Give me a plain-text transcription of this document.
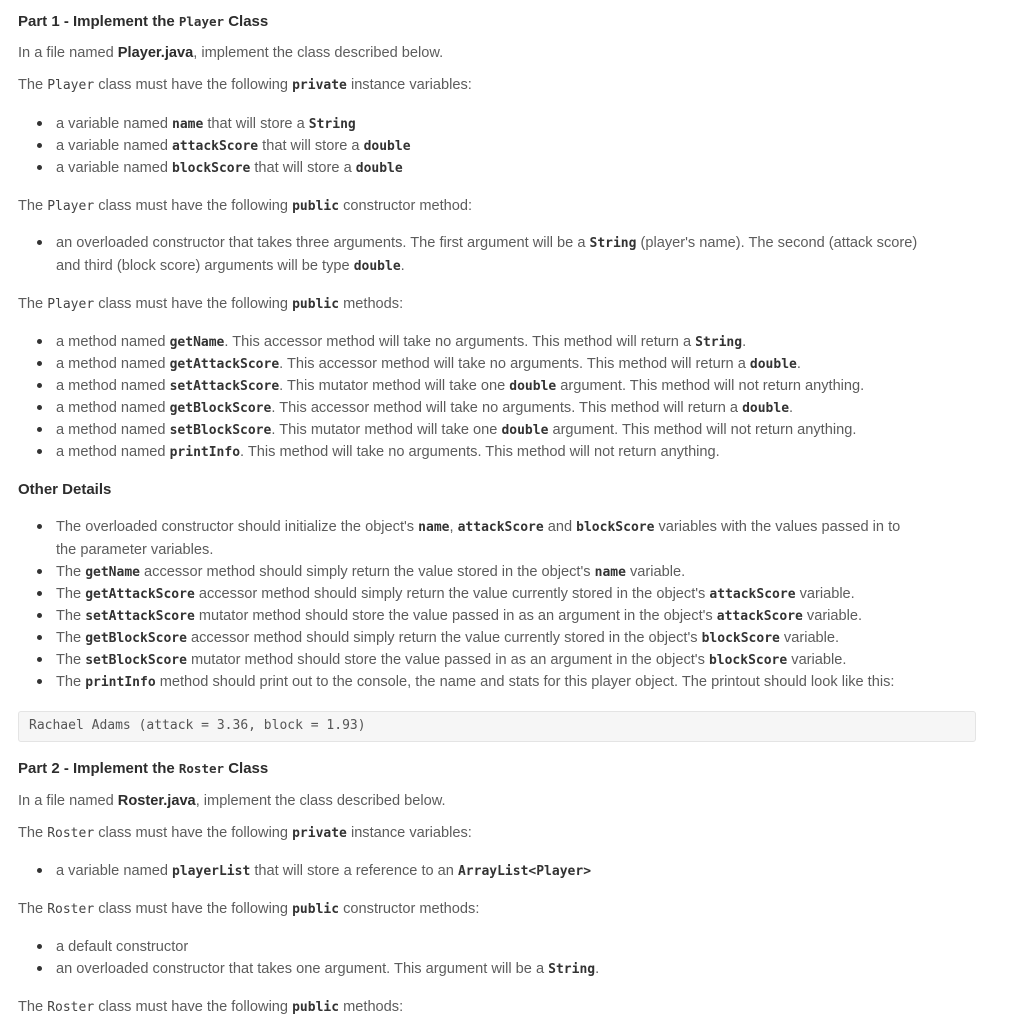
Part 1 - Implement the Player Class
In a file named Player.java, implement the class described below.
The Player class must have the following private instance variables:
a variable named name that will store a String
a variable named attackScore that will store a double
a variable named blockScore that will store a double
The Player class must have the following public constructor method:
an overloaded constructor that takes three arguments. The first argument will be a String (player's name). The second (attack score)
and third (block score) arguments will be type double.
The Player class must have the following public methods:
a method named getName. This accessor method will take no arguments. This method will return a String.
a method named getAttackScore. This accessor method will take no arguments. This method will return a double.
a method named setAttackScore. This mutator method will take one double argument. This method will not return anything.
a method named getBlockScore. This accessor method will take no arguments. This method will return a double.
a method named setBlockScore. This mutator method will take one double argument. This method will not return anything.
a method named printInfo. This method will take no arguments. This method will not return anything.
Other Details
The overloaded constructor should initialize the object's name, attackScore and blockScore variables with the values passed in to
the parameter variables.
The getName accessor method should simply return the value stored in the object's name variable.
The getAttackScore accessor method should simply return the value currently stored in the object's attackScore variable.
The setAttackScore mutator method should store the value passed in as an argument in the object's attackScore variable.
The getBlockScore accessor method should simply return the value currently stored in the object's blockScore variable.
The setBlockScore mutator method should store the value passed in as an argument in the object's blockScore variable.
The printInfo method should print out to the console, the name and stats for this player object. The printout should look like this:
Rachael Adams (attack = 3.36, block = 1.93)
Part 2 - Implement the Roster Class
In a file named Roster.java, implement the class described below.
The Roster class must have the following private instance variables:
a variable named playerList that will store a reference to an ArrayList<Player>
The Roster class must have the following public constructor methods:
a default constructor
an overloaded constructor that takes one argument. This argument will be a String.
The Roster class must have the following public methods:
